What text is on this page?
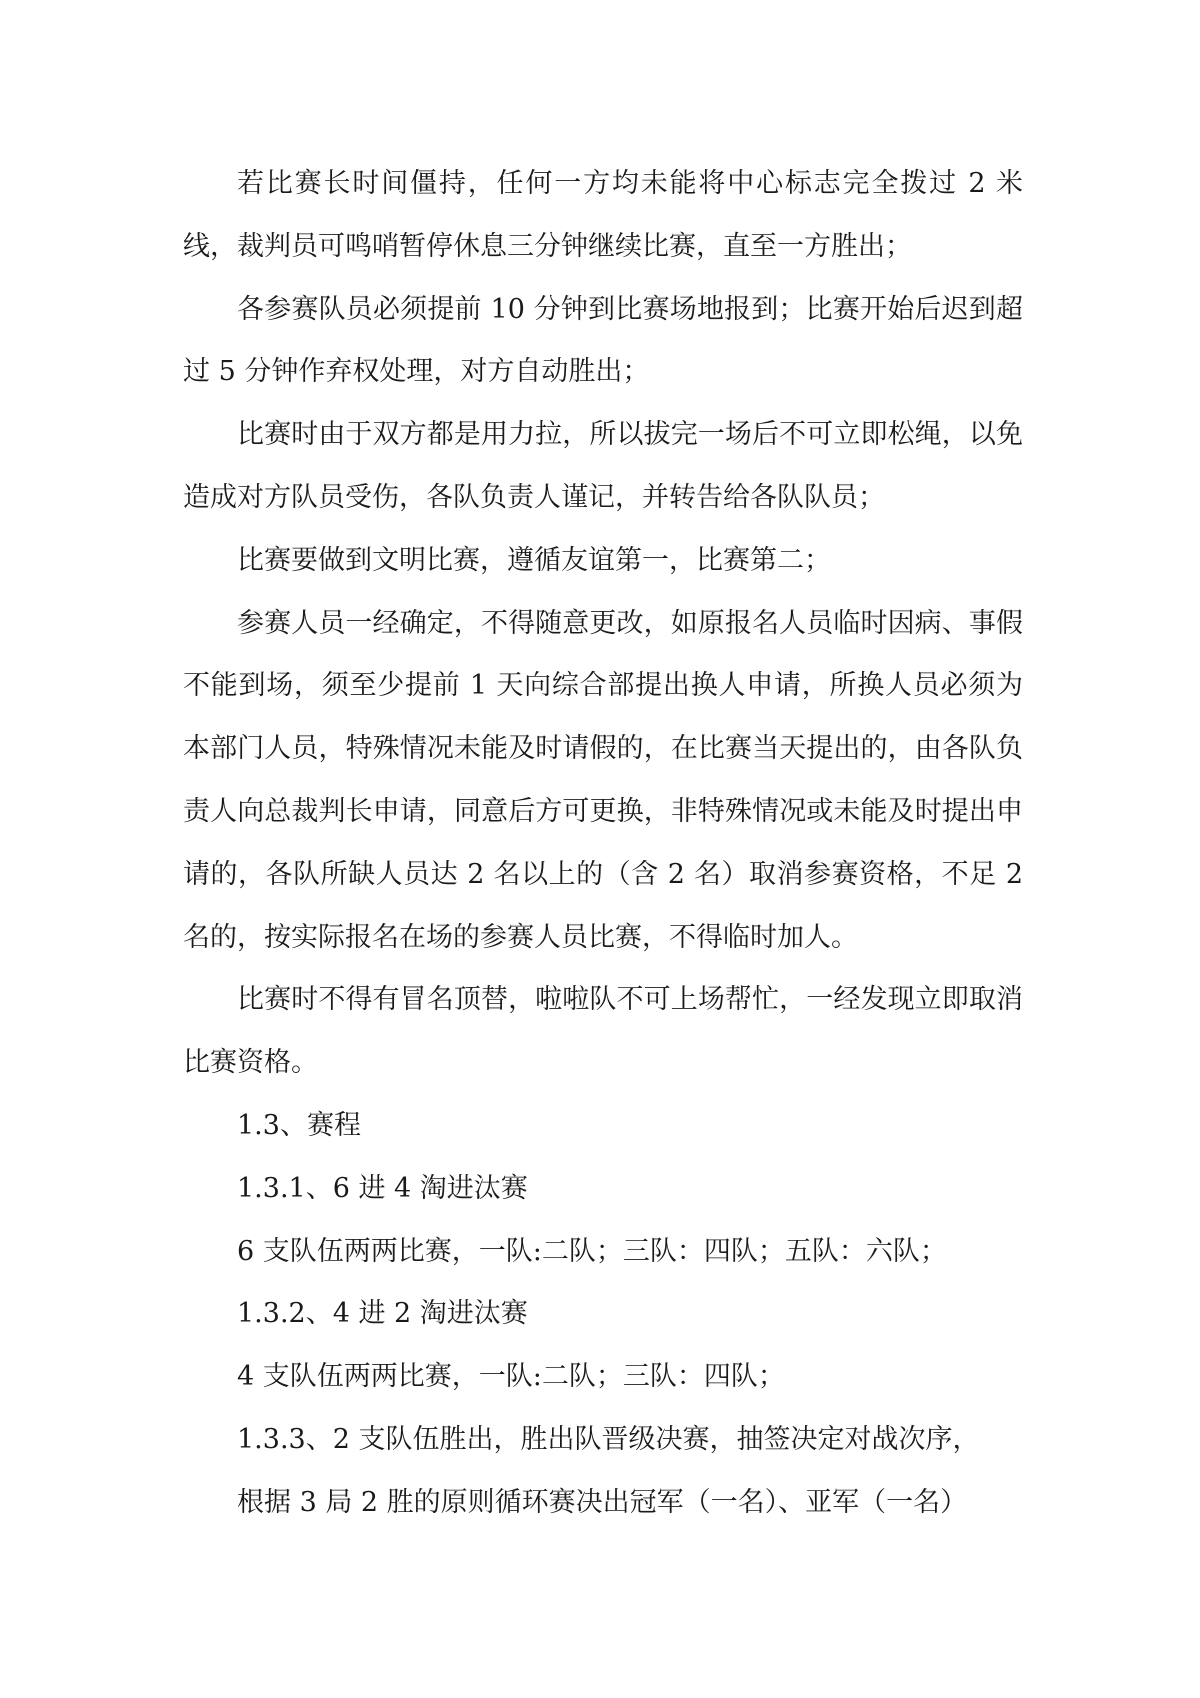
若比赛长时间僵持，任何一方均未能将中心标志完全拨过 2 米线，裁判员可鸣哨暂停休息三分钟继续比赛，直至一方胜出；

各参赛队员必须提前 10 分钟到比赛场地报到；比赛开始后迟到超过 5 分钟作弃权处理，对方自动胜出；

比赛时由于双方都是用力拉，所以拔完一场后不可立即松绳，以免造成对方队员受伤，各队负责人谨记，并转告给各队队员；

比赛要做到文明比赛，遵循友谊第一，比赛第二；

参赛人员一经确定，不得随意更改，如原报名人员临时因病、事假不能到场，须至少提前 1 天向综合部提出换人申请，所换人员必须为本部门人员，特殊情况未能及时请假的，在比赛当天提出的，由各队负责人向总裁判长申请，同意后方可更换，非特殊情况或未能及时提出申请的，各队所缺人员达 2 名以上的（含 2 名）取消参赛资格，不足 2 名的，按实际报名在场的参赛人员比赛，不得临时加人。

比赛时不得有冒名顶替，啦啦队不可上场帮忙，一经发现立即取消比赛资格。

1.3、赛程

1.3.1、6 进 4 淘进汰赛

6 支队伍两两比赛，一队:二队；三队：四队；五队：六队；

1.3.2、4 进 2 淘进汰赛

4 支队伍两两比赛，一队:二队；三队：四队；

1.3.3、2 支队伍胜出，胜出队晋级决赛，抽签决定对战次序，

根据 3 局 2 胜的原则循环赛决出冠军（一名）、亚军（一名）
